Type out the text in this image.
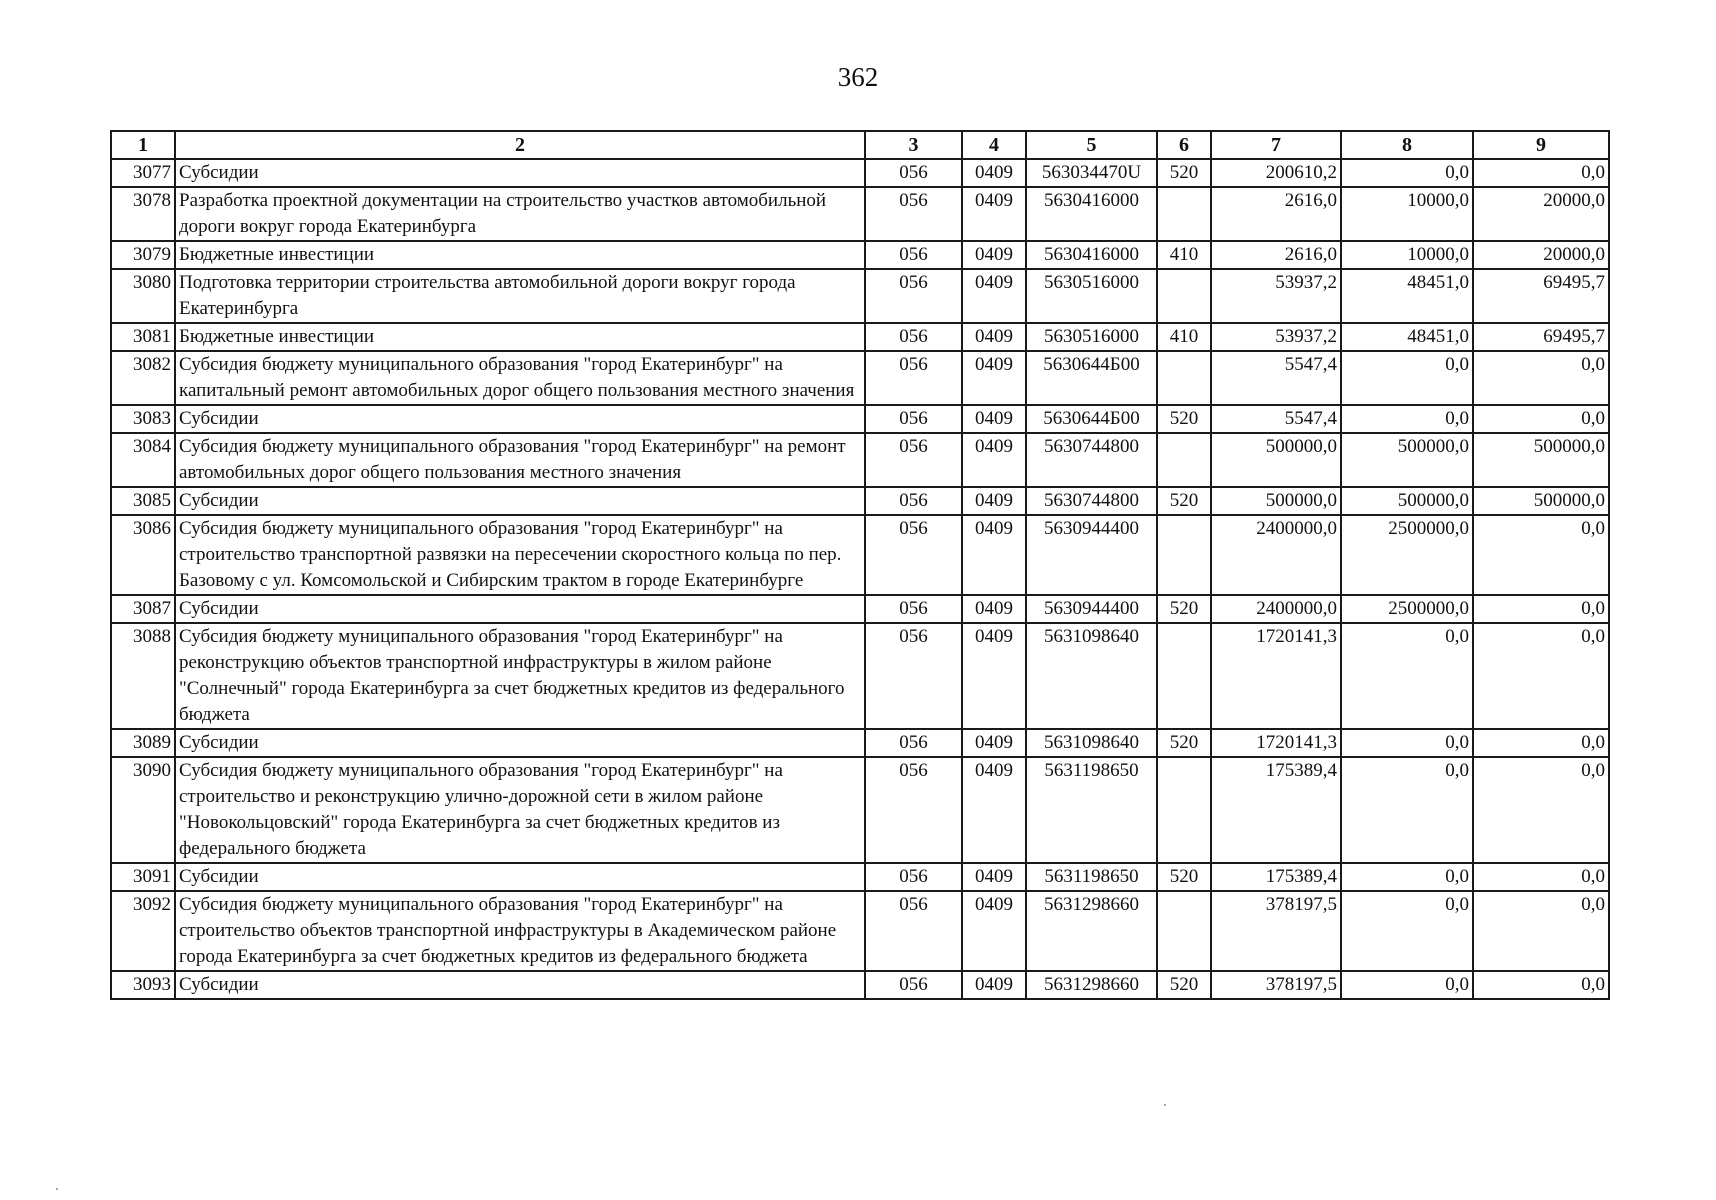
362
1	2	3	4	5	6	7	8	9
3077	Субсидии	056	0409	563034470U	520	200610,2	0,0	0,0
3078	Разработка проектной документации на строительство участков автомобильной дороги вокруг города Екатеринбурга	056	0409	5630416000		2616,0	10000,0	20000,0
3079	Бюджетные инвестиции	056	0409	5630416000	410	2616,0	10000,0	20000,0
3080	Подготовка территории строительства автомобильной дороги вокруг города Екатеринбурга	056	0409	5630516000		53937,2	48451,0	69495,7
3081	Бюджетные инвестиции	056	0409	5630516000	410	53937,2	48451,0	69495,7
3082	Субсидия бюджету муниципального образования "город Екатеринбург" на капитальный ремонт автомобильных дорог общего пользования местного значения	056	0409	5630644Б00		5547,4	0,0	0,0
3083	Субсидии	056	0409	5630644Б00	520	5547,4	0,0	0,0
3084	Субсидия бюджету муниципального образования "город Екатеринбург" на ремонт автомобильных дорог общего пользования местного значения	056	0409	5630744800		500000,0	500000,0	500000,0
3085	Субсидии	056	0409	5630744800	520	500000,0	500000,0	500000,0
3086	Субсидия бюджету муниципального образования "город Екатеринбург" на строительство транспортной развязки на пересечении скоростного кольца по пер. Базовому с ул. Комсомольской и Сибирским трактом в городе Екатеринбурге	056	0409	5630944400		2400000,0	2500000,0	0,0
3087	Субсидии	056	0409	5630944400	520	2400000,0	2500000,0	0,0
3088	Субсидия бюджету муниципального образования "город Екатеринбург" на реконструкцию объектов транспортной инфраструктуры в жилом районе "Солнечный" города Екатеринбурга за счет бюджетных кредитов из федерального бюджета	056	0409	5631098640		1720141,3	0,0	0,0
3089	Субсидии	056	0409	5631098640	520	1720141,3	0,0	0,0
3090	Субсидия бюджету муниципального образования "город Екатеринбург" на строительство и реконструкцию улично-дорожной сети в жилом районе "Новокольцовский" города Екатеринбурга за счет бюджетных кредитов из федерального бюджета	056	0409	5631198650		175389,4	0,0	0,0
3091	Субсидии	056	0409	5631198650	520	175389,4	0,0	0,0
3092	Субсидия бюджету муниципального образования "город Екатеринбург" на строительство объектов транспортной инфраструктуры в Академическом районе города Екатеринбурга за счет бюджетных кредитов из федерального бюджета	056	0409	5631298660		378197,5	0,0	0,0
3093	Субсидии	056	0409	5631298660	520	378197,5	0,0	0,0
